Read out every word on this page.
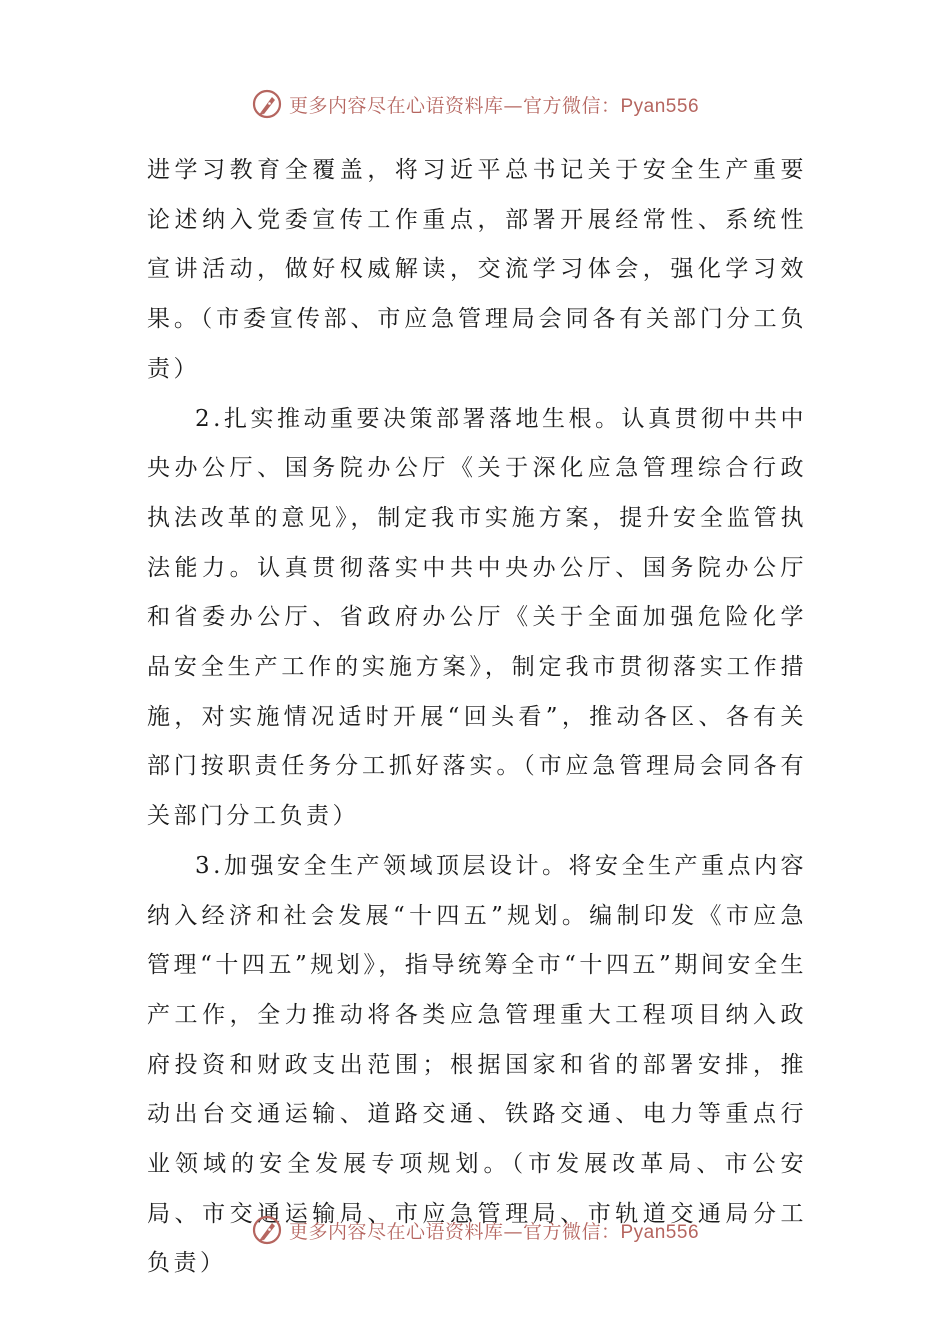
更多内容尽在心语资料库—官方微信：Pyan556

进学习教育全覆盖，将习近平总书记关于安全生产重要论述纳入党委宣传工作重点，部署开展经常性、系统性宣讲活动，做好权威解读，交流学习体会，强化学习效果。（市委宣传部、市应急管理局会同各有关部门分工负责）

2.扎实推动重要决策部署落地生根。认真贯彻中共中央办公厅、国务院办公厅《关于深化应急管理综合行政执法改革的意见》，制定我市实施方案，提升安全监管执法能力。认真贯彻落实中共中央办公厅、国务院办公厅和省委办公厅、省政府办公厅《关于全面加强危险化学品安全生产工作的实施方案》，制定我市贯彻落实工作措施，对实施情况适时开展“回头看”，推动各区、各有关部门按职责任务分工抓好落实。（市应急管理局会同各有关部门分工负责）

3.加强安全生产领域顶层设计。将安全生产重点内容纳入经济和社会发展“十四五”规划。编制印发《市应急管理“十四五”规划》，指导统筹全市“十四五”期间安全生产工作，全力推动将各类应急管理重大工程项目纳入政府投资和财政支出范围；根据国家和省的部署安排，推动出台交通运输、道路交通、铁路交通、电力等重点行业领域的安全发展专项规划。（市发展改革局、市公安局、市交通运输局、市应急管理局、市轨道交通局分工负责）

更多内容尽在心语资料库—官方微信：Pyan556
